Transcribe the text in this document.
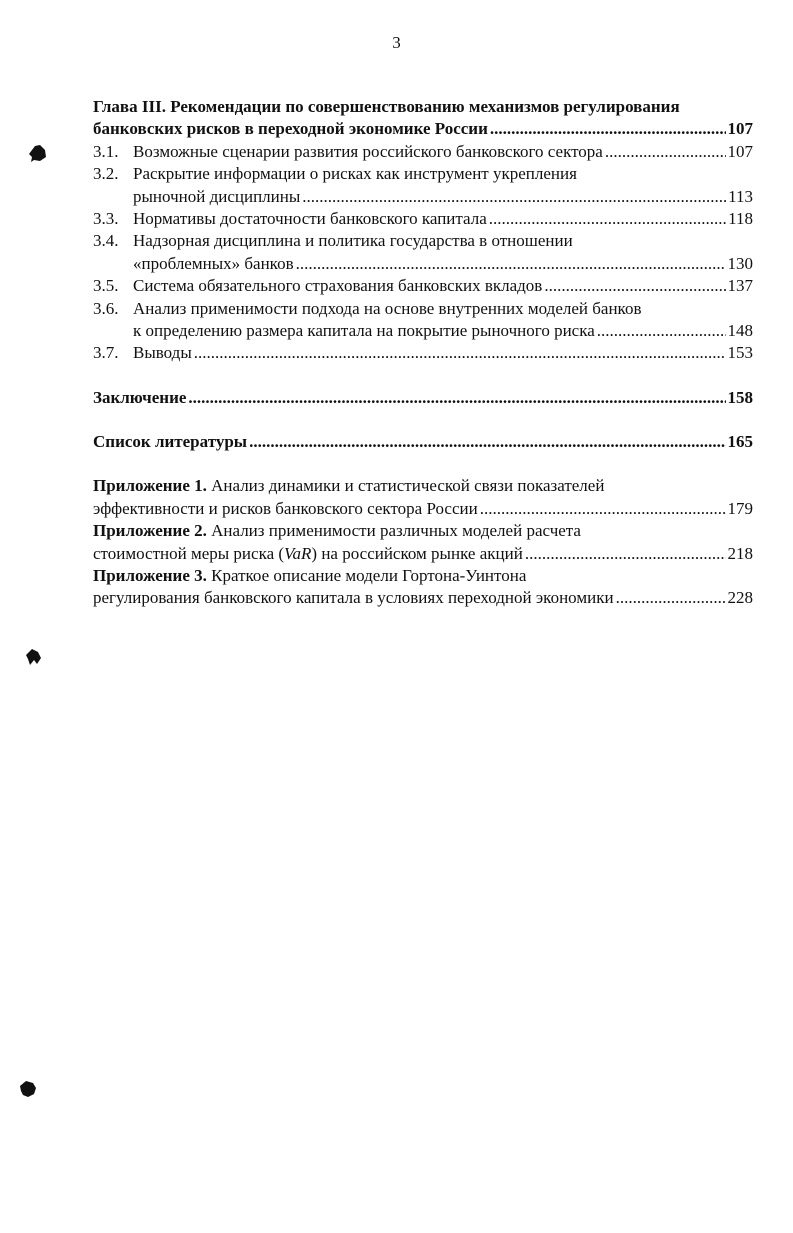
3
Глава III. Рекомендации по совершенствованию механизмов регулирования
банковских рисков в переходной экономике России .....	107
3.1. Возможные сценарии развития российского банковского сектора .....	107
3.2. Раскрытие информации о рисках как инструмент укрепления
рыночной дисциплины .....	113
3.3. Нормативы достаточности банковского капитала .....	118
3.4. Надзорная дисциплина и политика государства в отношении
«проблемных» банков .....	130
3.5. Система обязательного страхования банковских вкладов .....	137
3.6. Анализ применимости подхода на основе внутренних моделей банков
к определению размера капитала на покрытие рыночного риска .....	148
3.7. Выводы .....	153
Заключение .....	158
Список литературы .....	165
Приложение 1. Анализ динамики и статистической связи показателей
эффективности и рисков банковского сектора России .....	179
Приложение 2. Анализ применимости различных моделей расчета
стоимостной меры риска (VaR) на российском рынке акций .....	218
Приложение 3. Краткое описание модели Гортона-Уинтона
регулирования банковского капитала в условиях переходной экономики .....	228
